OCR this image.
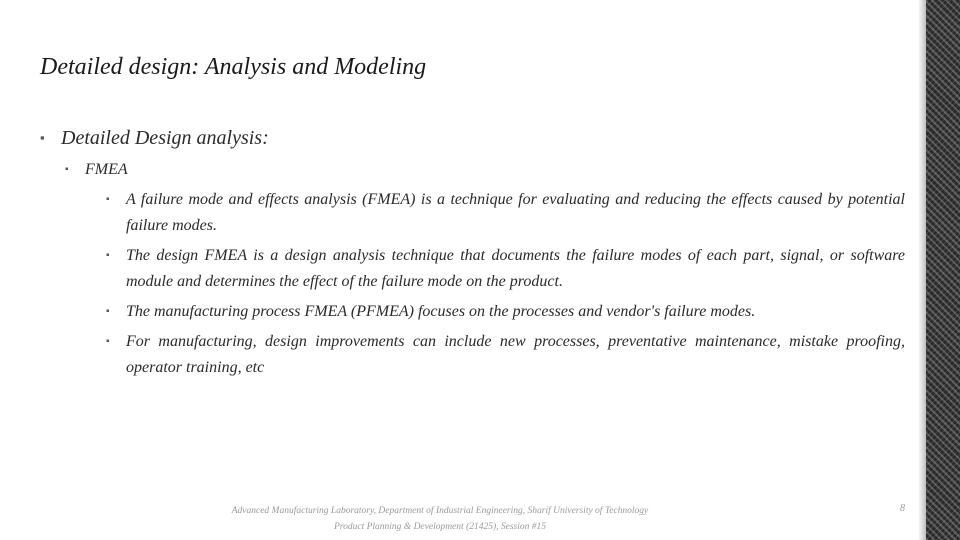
Detailed design: Analysis and Modeling
▪ Detailed Design analysis:
▪ FMEA
▪ A failure mode and effects analysis (FMEA) is a technique for evaluating and reducing the effects caused by potential failure modes.
▪ The design FMEA is a design analysis technique that documents the failure modes of each part, signal, or software module and determines the effect of the failure mode on the product.
▪ The manufacturing process FMEA (PFMEA) focuses on the processes and vendor's failure modes.
▪ For manufacturing, design improvements can include new processes, preventative maintenance, mistake proofing, operator training, etc
Advanced Manufacturing Laboratory, Department of Industrial Engineering, Sharif University of Technology
Product Planning & Development (21425), Session #15
8
